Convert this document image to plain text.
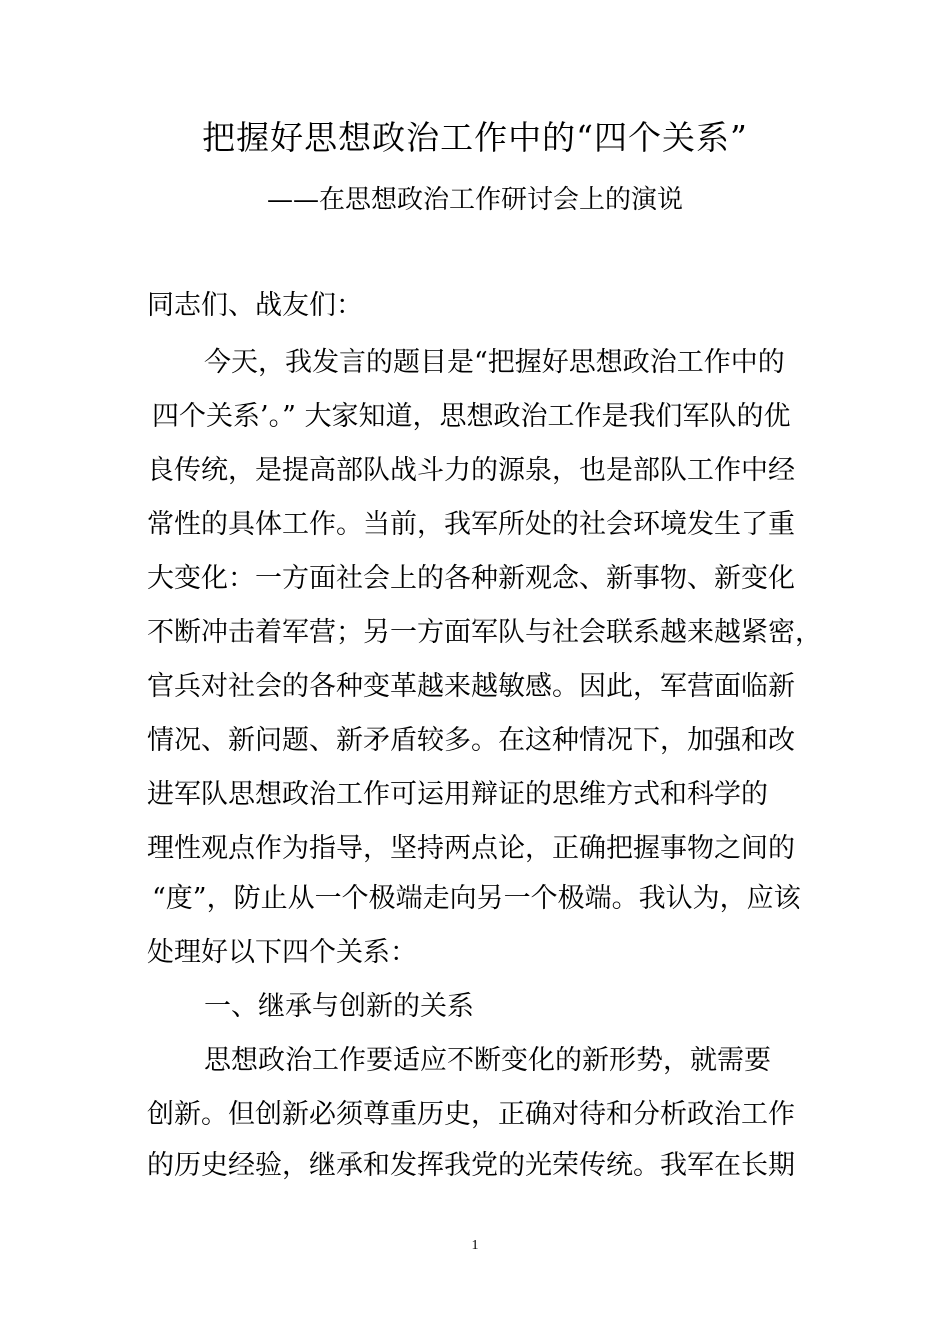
把握好思想政治工作中的“四个关系”
——在思想政治工作研讨会上的演说
同志们、战友们：
今天，我发言的题目是“把握好思想政治工作中的
四个关系’。” 大家知道，思想政治工作是我们军队的优
良传统，是提高部队战斗力的源泉，也是部队工作中经
常性的具体工作。当前，我军所处的社会环境发生了重
大变化：一方面社会上的各种新观念、新事物、新变化
不断冲击着军营；另一方面军队与社会联系越来越紧密，
官兵对社会的各种变革越来越敏感。因此，军营面临新
情况、新问题、新矛盾较多。在这种情况下，加强和改
进军队思想政治工作可运用辩证的思维方式和科学的
理性观点作为指导，坚持两点论，正确把握事物之间的
“度”，防止从一个极端走向另一个极端。我认为，应该
处理好以下四个关系：
一、继承与创新的关系
思想政治工作要适应不断变化的新形势，就需要
创新。但创新必须尊重历史，正确对待和分析政治工作
的历史经验，继承和发挥我党的光荣传统。我军在长期
1
